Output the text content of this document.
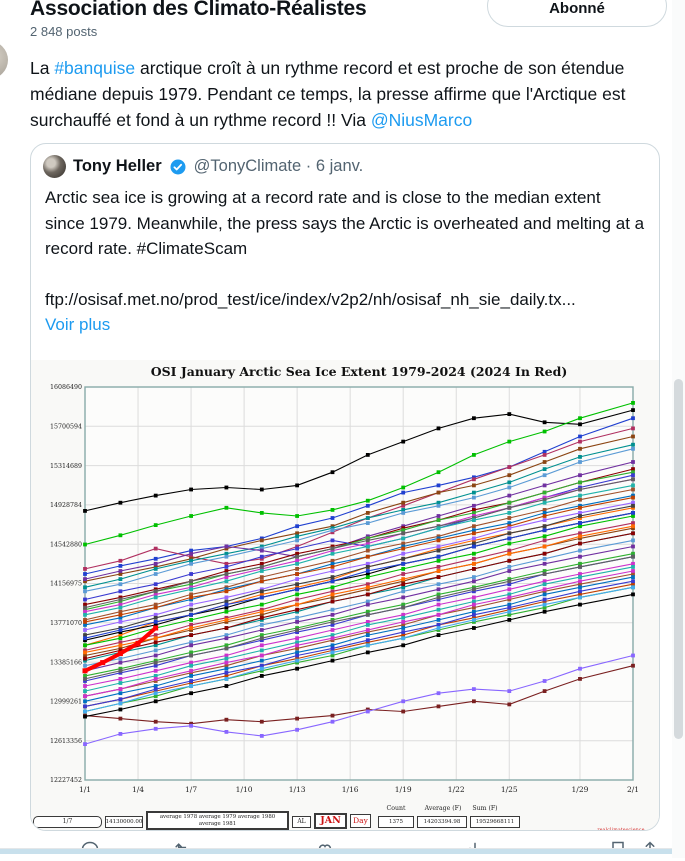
Association des Climato-Réalistes
2 848 posts
Abonné
La #banquise arctique croît à un rythme record et est proche de son étendue médiane depuis 1979. Pendant ce temps, la presse affirme que l'Arctique est surchauffé et fond à un rythme record !! Via @NiusMarco
Tony Heller @TonyClimate · 6 janv.
Arctic sea ice is growing at a record rate and is close to the median extent since 1979. Meanwhile, the press says the Arctic is overheated and melting at a record rate. #ClimateScam
ftp://osisaf.met.no/prod_test/ice/index/v2p2/nh/osisaf_nh_sie_daily.tx...
Voir plus
16086490
15700594
15314689
14928784
14542880
14156975
13771070
13385166
12999261
12613356
12227452
1/1	1/4	1/7	1/10	1/13	1/16	1/19	1/22	1/25	1/29	2/1
OSI January Arctic Sea Ice Extent 1979-2024 (2024 In Red)
1/7	14130000.00
average 1978 average 1979 average 1980 average 1981	AL	JAN	Day
Count	Average (F)	Sum (F)
1375	14203394.98	19529668111
realclimatescience
